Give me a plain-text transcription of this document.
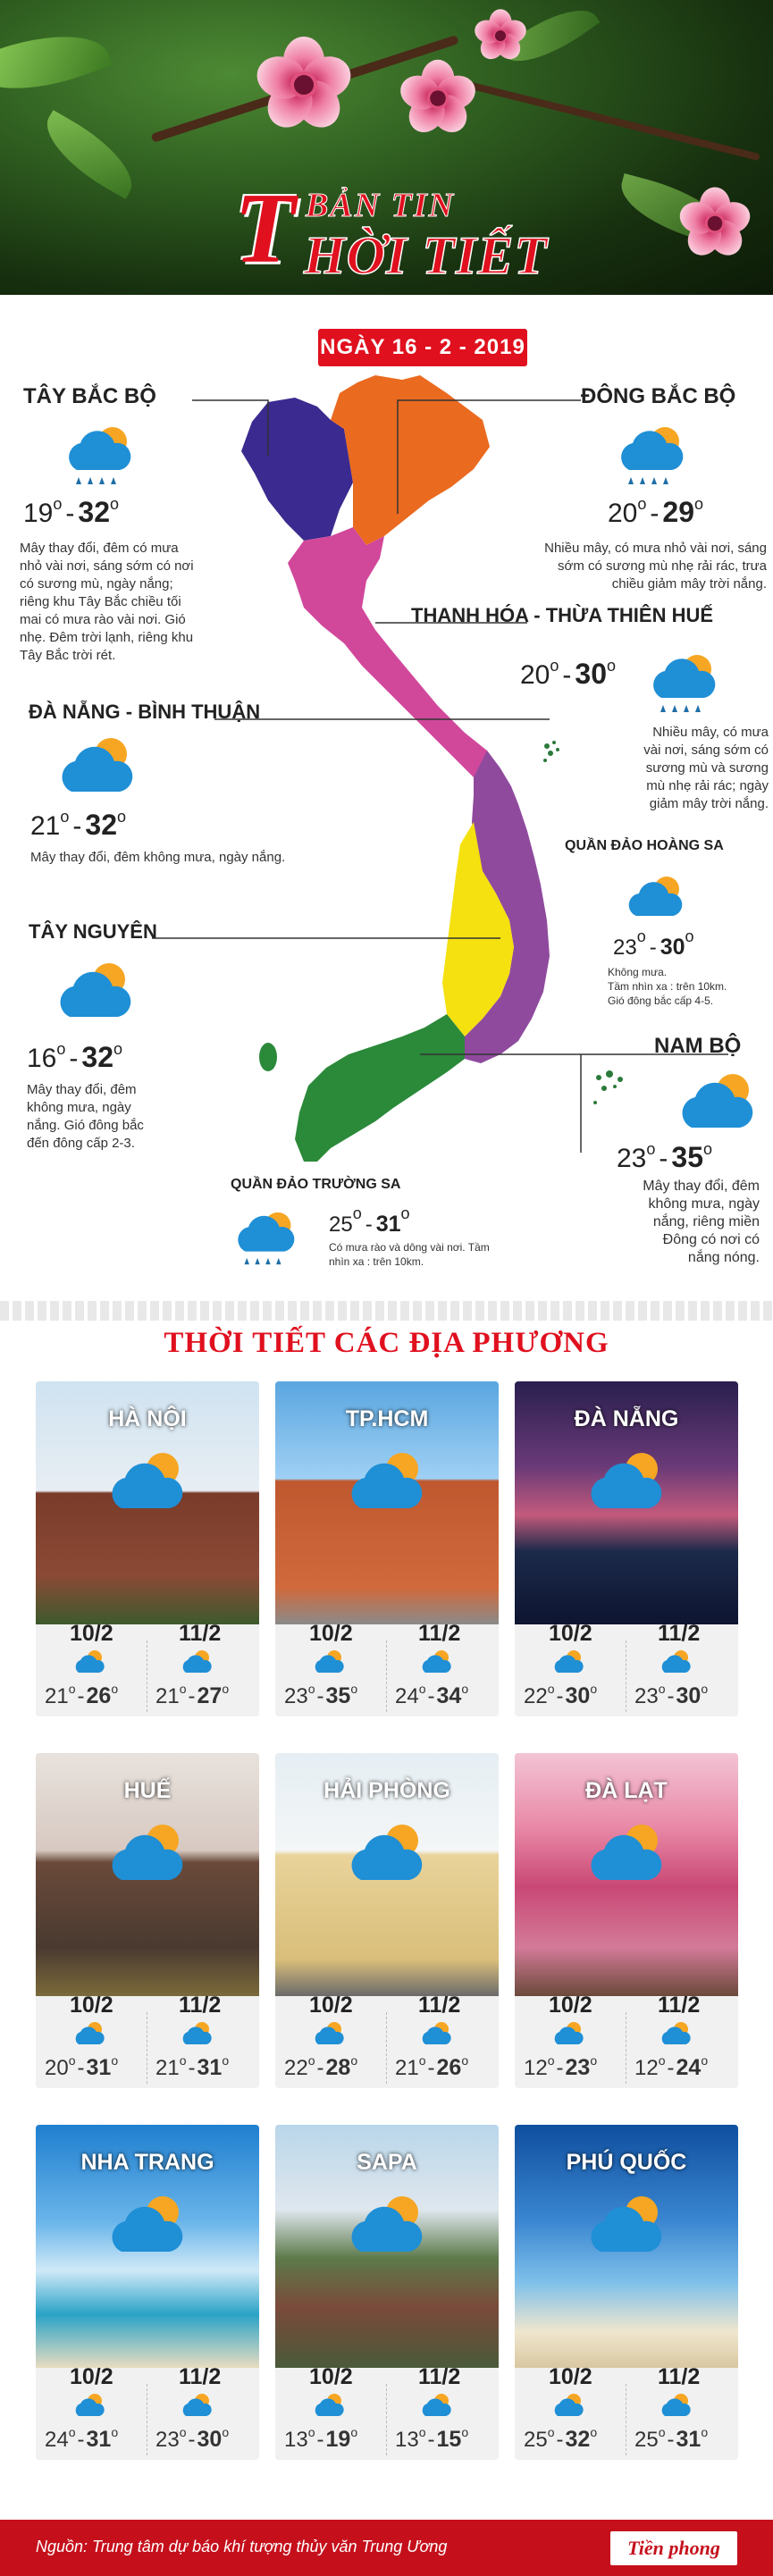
T BẢN TIN
HỜI TIẾT
NGÀY 16 - 2 - 2019
TÂY BẮC BỘ
19o - 32o
Mây thay đổi, đêm có mưa
nhỏ vài nơi, sáng sớm có nơi
có sương mù, ngày nắng;
riêng khu Tây Bắc chiều tối
mai có mưa rào vài nơi. Gió
nhẹ. Đêm trời lạnh, riêng khu
Tây Bắc trời rét.
ĐÔNG BẮC BỘ
20o - 29o
Nhiều mây, có mưa nhỏ vài nơi, sáng
sớm có sương mù nhẹ rải rác, trưa
chiều giảm mây trời nắng.
THANH HÓA - THỪA THIÊN HUẾ
20o - 30o
Nhiều mây, có mưa
vài nơi, sáng sớm có
sương mù và sương
mù nhẹ rải rác; ngày
giảm mây trời nắng.
QUẦN ĐẢO HOÀNG SA
23o - 30o
Không mưa.
Tầm nhìn xa : trên 10km.
Gió đông bắc cấp 4-5.
ĐÀ NẴNG - BÌNH THUẬN
21o - 32o
Mây thay đổi, đêm không mưa, ngày nắng.
TÂY NGUYÊN
16o - 32o
Mây thay đổi, đêm
không mưa, ngày
nắng. Gió đông bắc
đến đông cấp 2-3.
NAM BỘ
23o - 35o
Mây thay đổi, đêm
không mưa, ngày
nắng, riêng miền
Đông có nơi có
nắng nóng.
QUẦN ĐẢO TRƯỜNG SA
25o - 31o
Có mưa rào và dông vài nơi. Tầm
nhìn xa : trên 10km.
THỜI TIẾT CÁC ĐỊA PHƯƠNG
HÀ NỘI
10/2	11/2
21o-26o 21o-27o
TP.HCM
10/2	11/2
23o-35o 24o-34o
ĐÀ NẴNG
10/2	11/2
22o-30o 23o-30o
HUẾ
10/2	11/2
20o-31o 21o-31o
HẢI PHÒNG
10/2	11/2
22o-28o 21o-26o
ĐÀ LẠT
10/2	11/2
12o-23o 12o-24o
NHA TRANG
10/2	11/2
24o-31o 23o-30o
SAPA
10/2	11/2
13o-19o 13o-15o
PHÚ QUỐC
10/2	11/2
25o-32o 25o-31o
Nguồn: Trung tâm dự báo khí tượng thủy văn Trung Ương	Tiền phong
